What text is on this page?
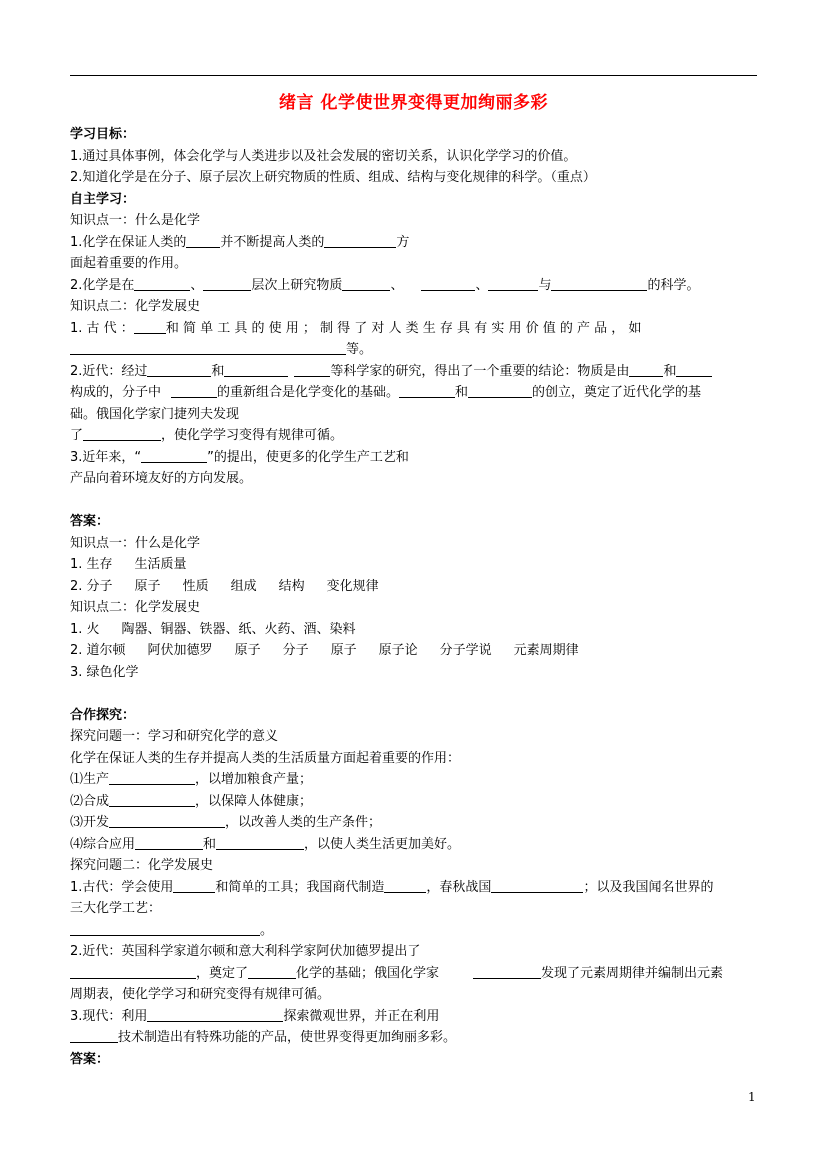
绪言 化学使世界变得更加绚丽多彩
学习目标：
1.通过具体事例，体会化学与人类进步以及社会发展的密切关系，认识化学学习的价值。
2.知道化学是在分子、原子层次上研究物质的性质、组成、结构与变化规律的科学。（重点）
自主学习：
知识点一：什么是化学
1.化学在保证人类的	并不断提高人类的	方
面起着重要的作用。
2.化学是在	、	层次上研究物质	、	、	与	的科学。
知识点二：化学发展史
1. 古 代 ： 和 简 单 工 具 的 使 用 ； 制 得 了 对 人 类 生 存 具 有 实 用 价 值 的 产 品 ， 如
等。
2.近代：经过	和	等科学家的研究，得出了一个重要的结论：物质是由	和
构成的，分子中	的重新组合是化学变化的基础。	和	的创立，奠定了近代化学的基
础。俄国化学家门捷列夫发现
了	，使化学学习变得有规律可循。
3.近年来，“	”的提出，使更多的化学生产工艺和
产品向着环境友好的方向发展。
答案：
知识点一：什么是化学
1. 生存 生活质量
2. 分子 原子 性质 组成 结构 变化规律
知识点二：化学发展史
1. 火 陶器、铜器、铁器、纸、火药、酒、染料
2. 道尔顿 阿伏加德罗 原子 分子 原子 原子论 分子学说 元素周期律
3. 绿色化学
合作探究：
探究问题一：学习和研究化学的意义
化学在保证人类的生存并提高人类的生活质量方面起着重要的作用：
⑴生产	，以增加粮食产量；
⑵合成	，以保障人体健康；
⑶开发	，以改善人类的生产条件；
⑷综合应用	和	，以使人类生活更加美好。
探究问题二：化学发展史
1.古代：学会使用	和简单的工具；我国商代制造	，春秋战国	；以及我国闻名世界的
三大化学工艺：
。
2.近代：英国科学家道尔顿和意大利科学家阿伏加德罗提出了
，奠定了	化学的基础；俄国化学家	发现了元素周期律并编制出元素
周期表，使化学学习和研究变得有规律可循。
3.现代：利用	探索微观世界，并正在利用
技术制造出有特殊功能的产品，使世界变得更加绚丽多彩。
答案：
1
